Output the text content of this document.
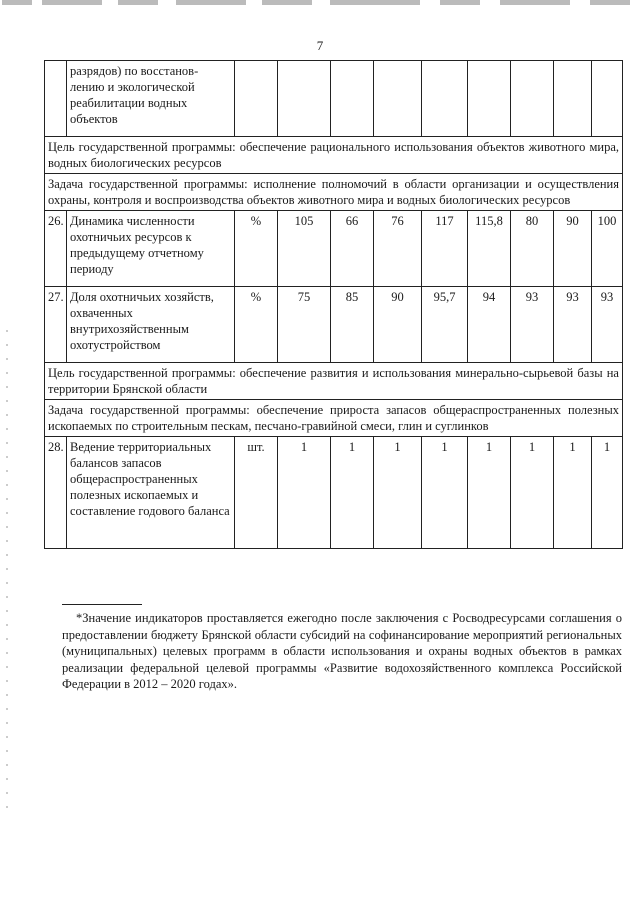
7
	разрядов) по восстанов-лению и экологической реабилитации водных объектов									
Цель государственной программы: обеспечение рационального использования объектов животного мира, водных биологических ресурсов										
Задача государственной программы: исполнение полномочий в области организации и осуществления охраны, контроля и воспроизводства объектов животного мира и водных биологических ресурсов										
26.	Динамика численности охотничьих ресурсов к предыдущему отчетному периоду	%	105	66	76	117	115,8	80	90	100
27.	Доля охотничьих хозяйств, охваченных внутрихозяйственным охотустройством	%	75	85	90	95,7	94	93	93	93
Цель государственной программы: обеспечение развития и использования минерально-сырьевой базы на территории Брянской области										
Задача государственной программы: обеспечение прироста запасов общераспространенных полезных ископаемых по строительным пескам, песчано-гравийной смеси, глин и суглинков										
28.	Ведение территориальных балансов запасов общераспространенных полезных ископаемых и составление годового баланса	шт.	1	1	1	1	1	1	1	1
*Значение индикаторов проставляется ежегодно после заключения с Росводресурсами соглашения о предоставлении бюджету Брянской области субсидий на софинансирование мероприятий региональных (муниципальных) целевых программ в области использования и охраны водных объектов в рамках реализации федеральной целевой программы «Развитие водохозяйственного комплекса Российской Федерации в 2012 – 2020 годах».
